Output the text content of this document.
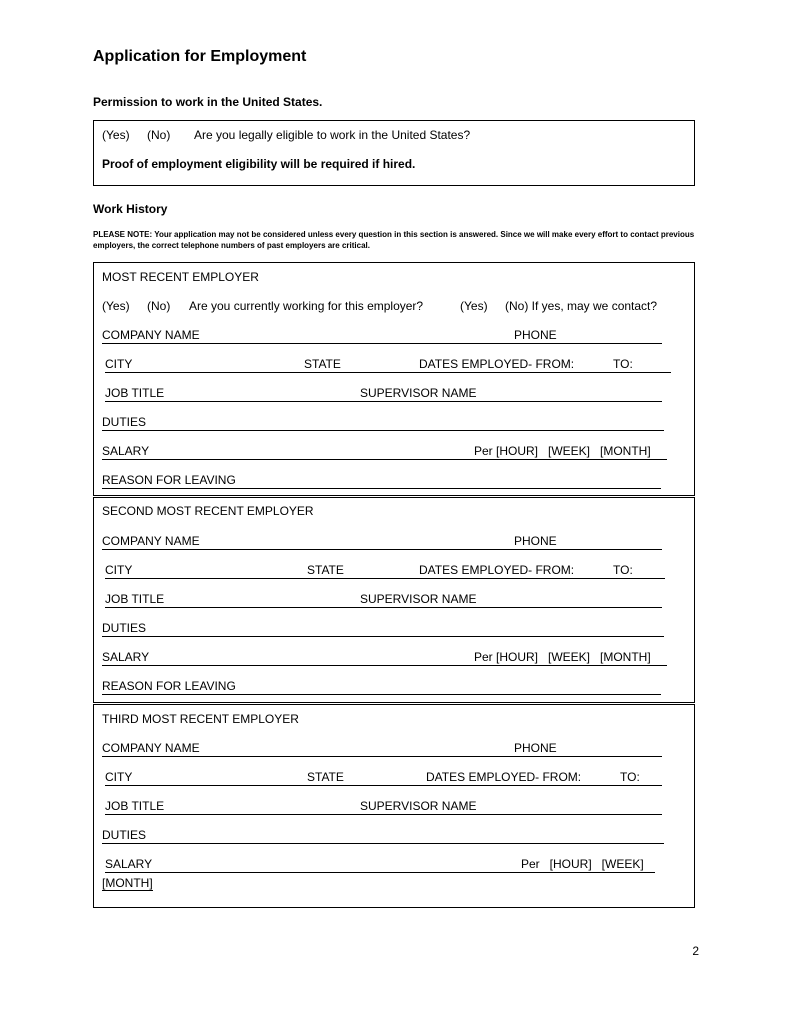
Application for Employment
Permission to work in the United States.
(Yes) (No) Are you legally eligible to work in the United States?
Proof of employment eligibility will be required if hired.
Work History
PLEASE NOTE: Your application may not be considered unless every question in this section is answered. Since we will make every effort to contact previous employers, the correct telephone numbers of past employers are critical.
MOST RECENT EMPLOYER
(Yes) (No) Are you currently working for this employer?	(Yes) (No) If yes, may we contact?
COMPANY NAME	PHONE
CITY	STATE	DATES EMPLOYED- FROM:	TO:
JOB TITLE	SUPERVISOR NAME
DUTIES
SALARY	Per [HOUR]   [WEEK]   [MONTH]
REASON FOR LEAVING
SECOND MOST RECENT EMPLOYER
COMPANY NAME	PHONE
CITY	STATE	DATES EMPLOYED- FROM:	TO:
JOB TITLE	SUPERVISOR NAME
DUTIES
SALARY	Per [HOUR]   [WEEK]   [MONTH]
REASON FOR LEAVING
THIRD MOST RECENT EMPLOYER
COMPANY NAME	PHONE
CITY	STATE	DATES EMPLOYED- FROM:	TO:
JOB TITLE	SUPERVISOR NAME
DUTIES
SALARY	Per   [HOUR]   [WEEK]
[MONTH]
2
